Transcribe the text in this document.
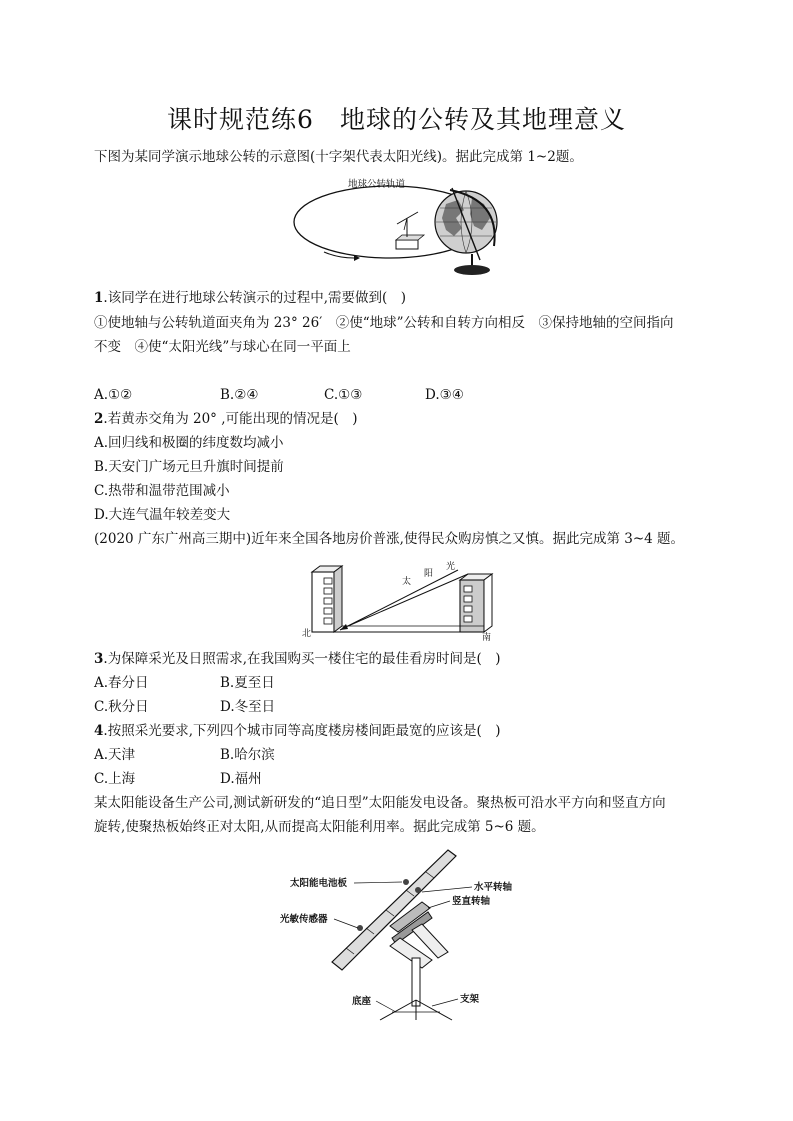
课时规范练6　地球的公转及其地理意义
下图为某同学演示地球公转的示意图(十字架代表太阳光线)。据此完成第 1~2题。
地球公转轨道
1.该同学在进行地球公转演示的过程中,需要做到(　)
①使地轴与公转轨道面夹角为 23° 26′　②使“地球”公转和自转方向相反　③保持地轴的空间指向
不变　④使“太阳光线”与球心在同一平面上
A.①②	B.②④	C.①③	D.③④
2.若黄赤交角为 20° ,可能出现的情况是(　)
A.回归线和极圈的纬度数均减小
B.天安门广场元旦升旗时间提前
C.热带和温带范围减小
D.大连气温年较差变大
(2020 广东广州高三期中)近年来全国各地房价普涨,使得民众购房慎之又慎。据此完成第 3~4 题。
太
阳
光
北	南
3.为保障采光及日照需求,在我国购买一楼住宅的最佳看房时间是(　)
A.春分日	B.夏至日
C.秋分日	D.冬至日
4.按照采光要求,下列四个城市同等高度楼房楼间距最宽的应该是(　)
A.天津	B.哈尔滨
C.上海	D.福州
某太阳能设备生产公司,测试新研发的“追日型”太阳能发电设备。聚热板可沿水平方向和竖直方向
旋转,使聚热板始终正对太阳,从而提高太阳能利用率。据此完成第 5~6 题。
太阳能电池板
光敏传感器
水平转轴
竖直转轴
底座	支架
